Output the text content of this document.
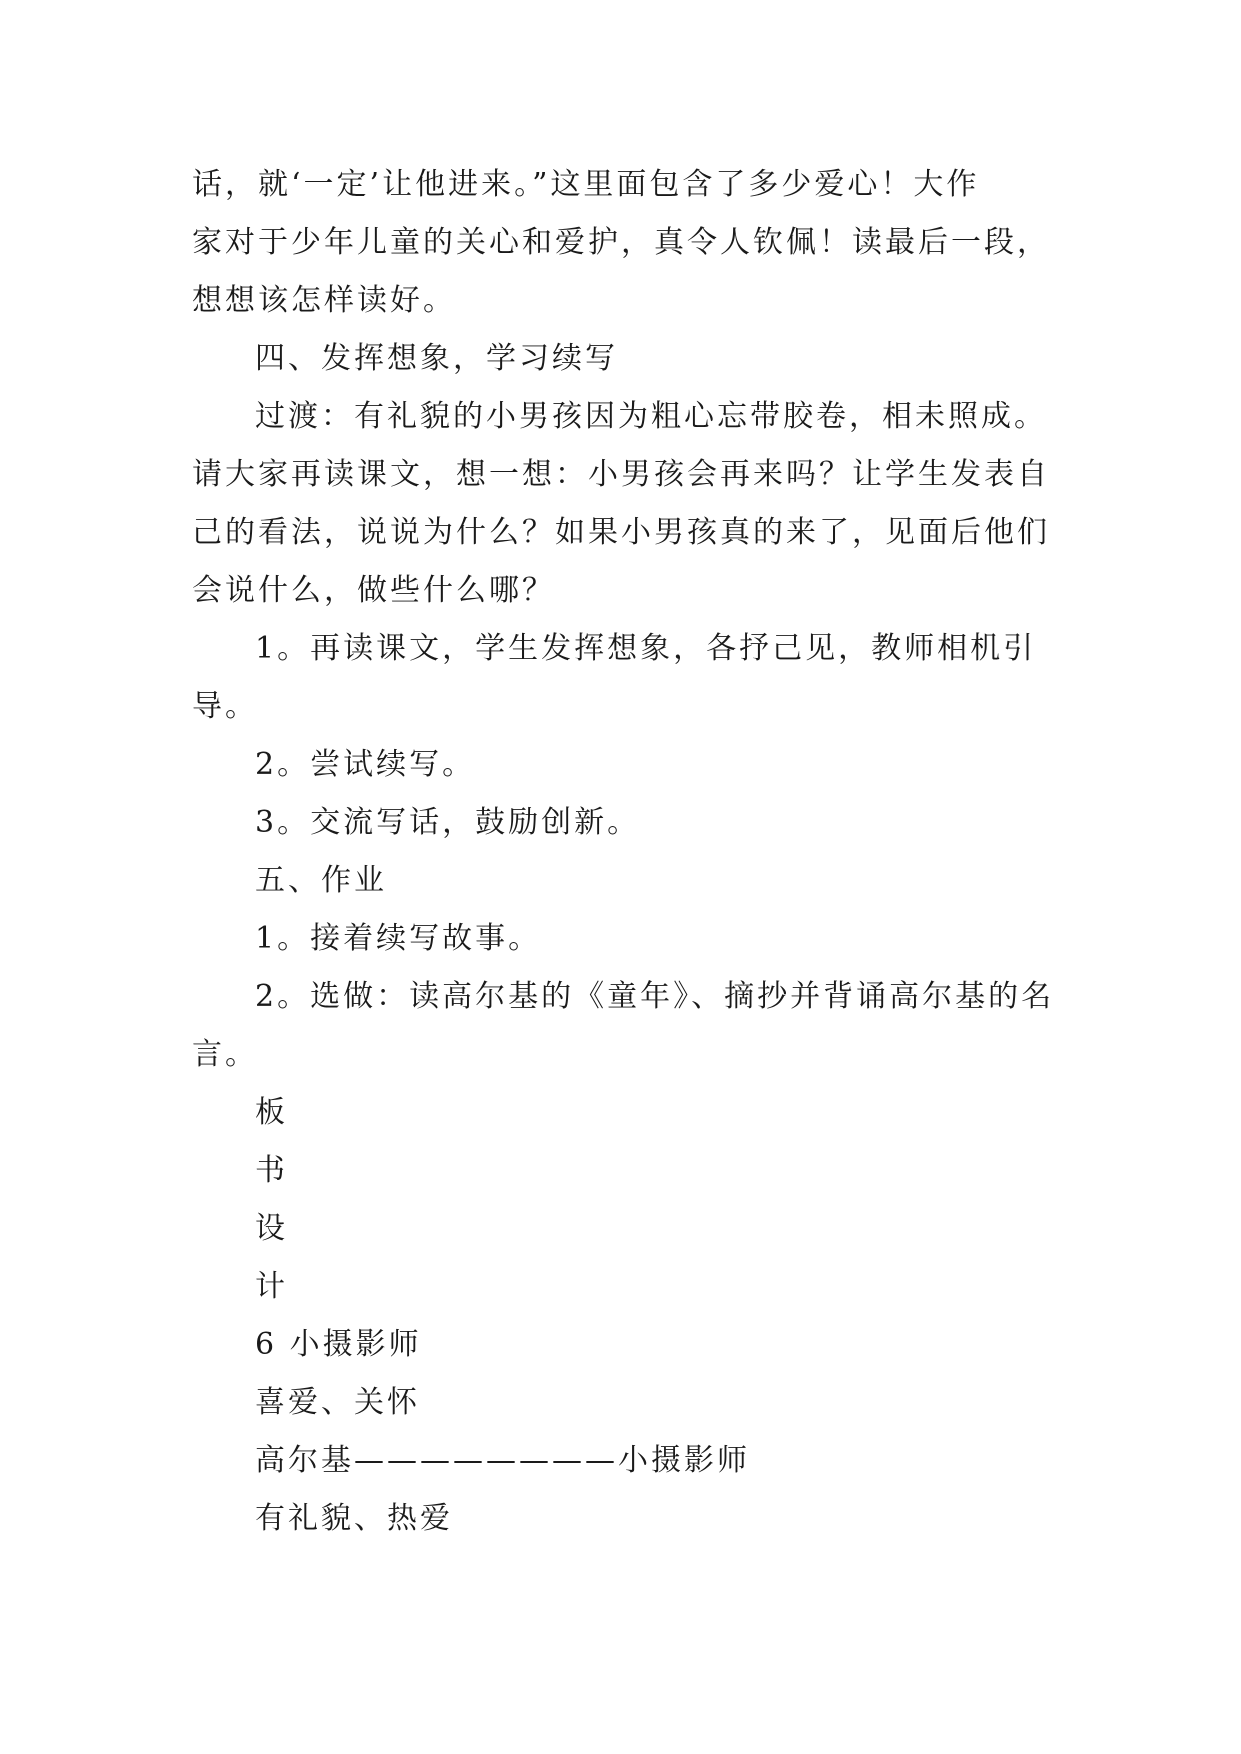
话，就‘一定’让他进来。”这里面包含了多少爱心！大作
家对于少年儿童的关心和爱护，真令人钦佩！读最后一段，
想想该怎样读好。
四、发挥想象，学习续写
过渡：有礼貌的小男孩因为粗心忘带胶卷，相未照成。
请大家再读课文，想一想：小男孩会再来吗？让学生发表自
己的看法，说说为什么？如果小男孩真的来了，见面后他们
会说什么，做些什么哪？
1。再读课文，学生发挥想象，各抒己见，教师相机引
导。
2。尝试续写。
3。交流写话，鼓励创新。
五、作业
1。接着续写故事。
2。选做：读高尔基的《童年》、摘抄并背诵高尔基的名
言。
板
书
设
计
6 小摄影师
喜爱、关怀
高尔基————————小摄影师
有礼貌、热爱
